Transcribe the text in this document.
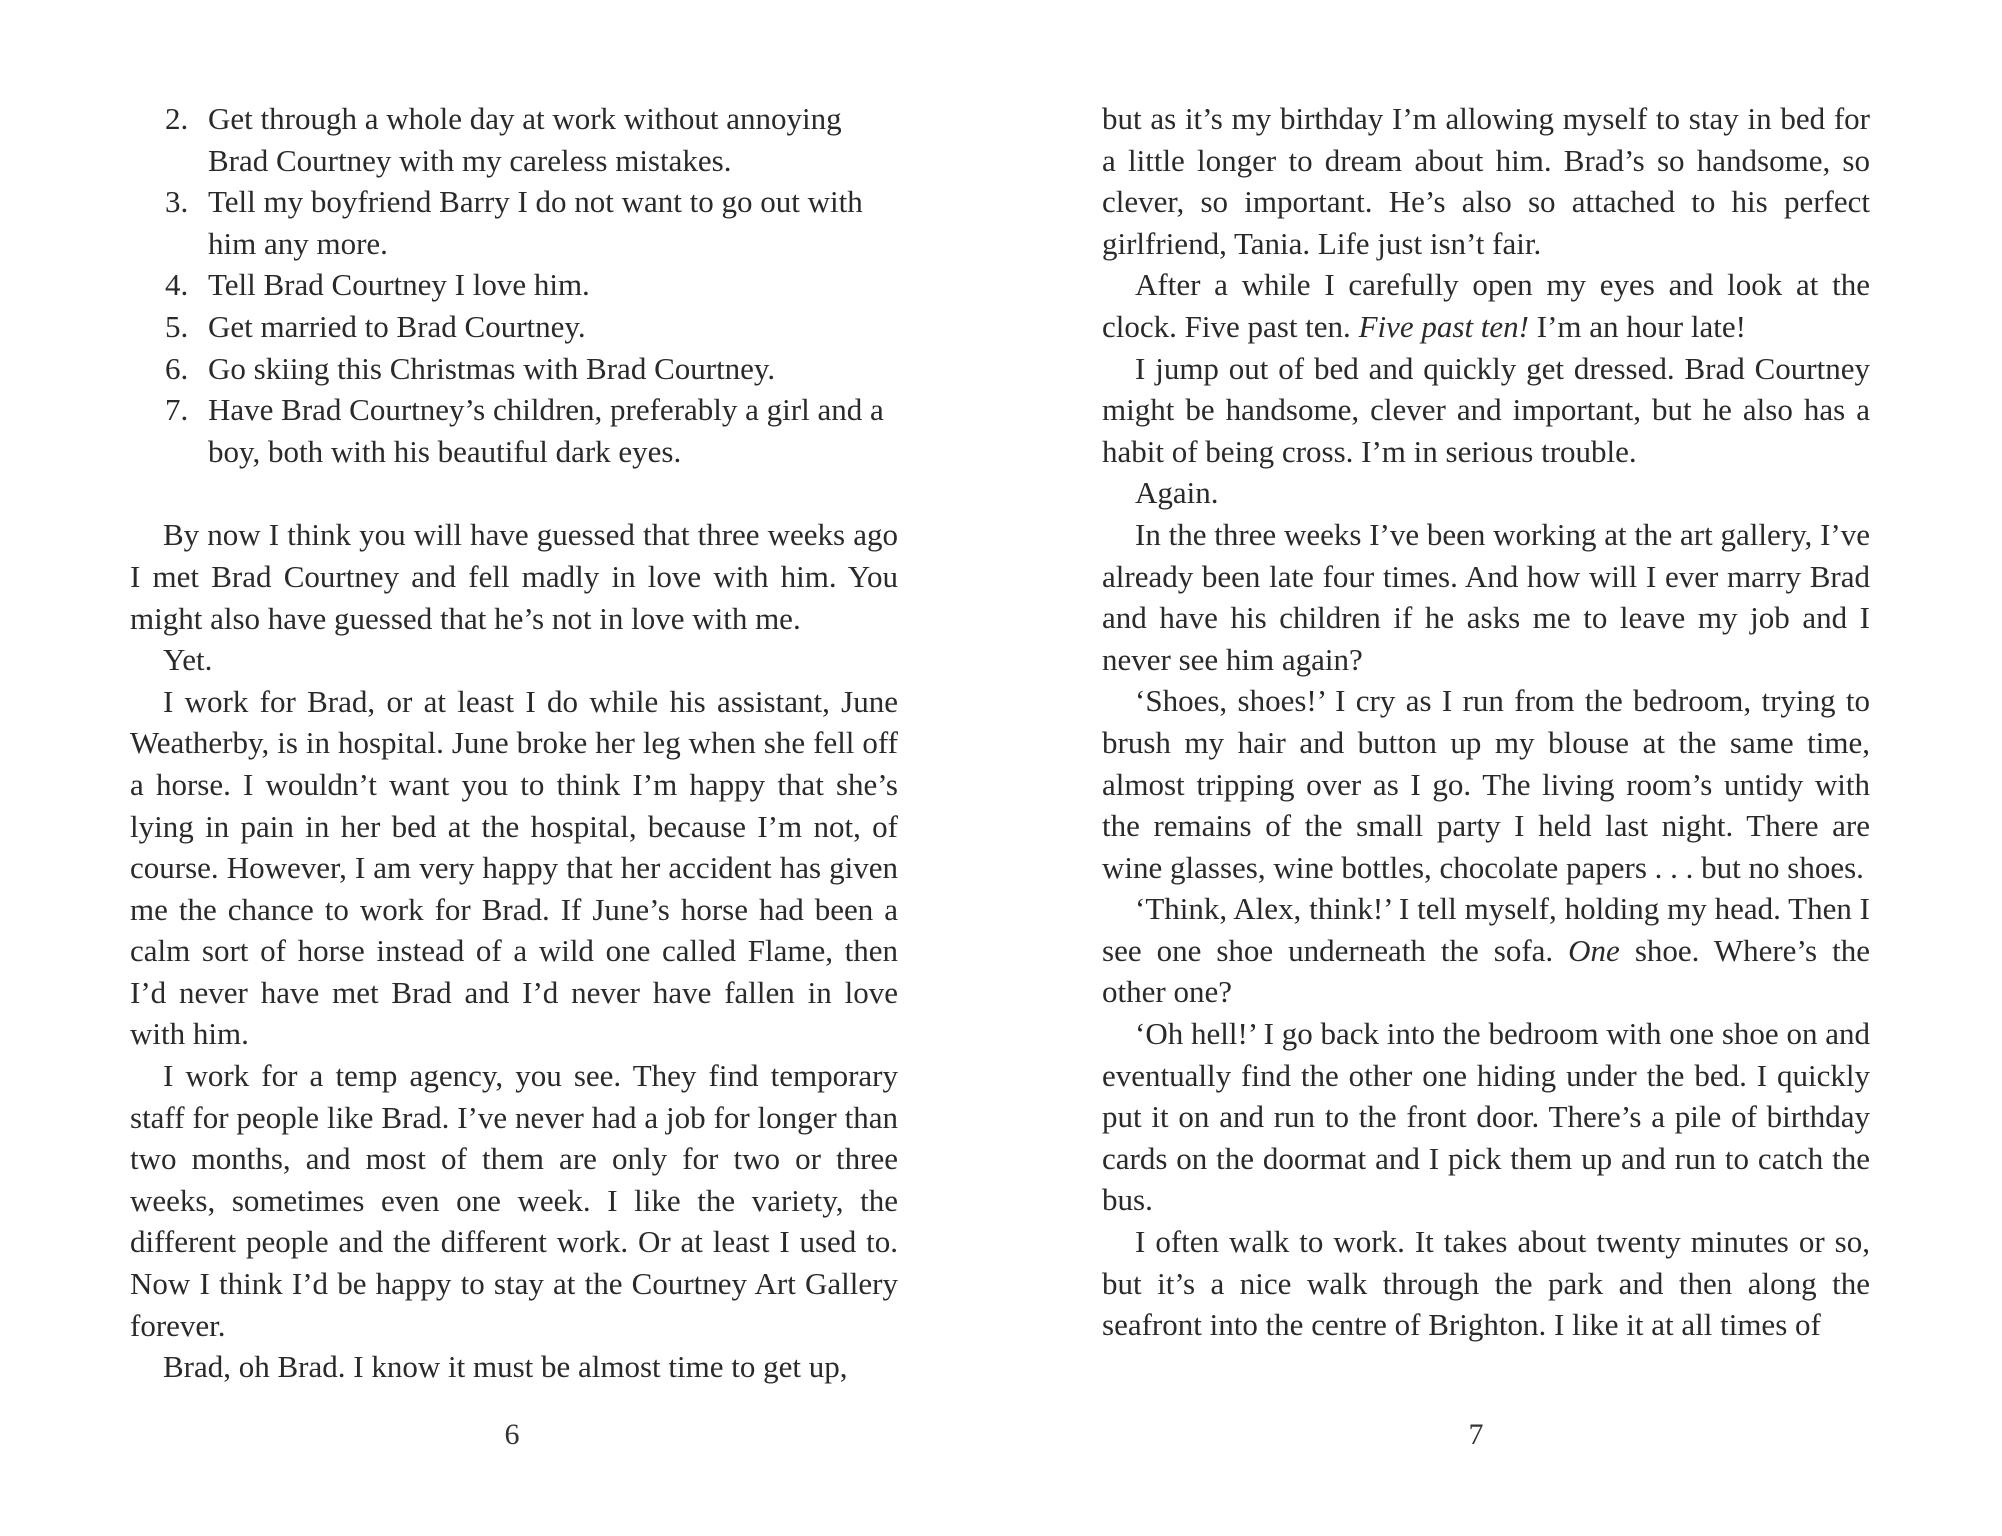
2. Get through a whole day at work without annoying Brad Courtney with my careless mistakes.
3. Tell my boyfriend Barry I do not want to go out with him any more.
4. Tell Brad Courtney I love him.
5. Get married to Brad Courtney.
6. Go skiing this Christmas with Brad Courtney.
7. Have Brad Courtney’s children, preferably a girl and a boy, both with his beautiful dark eyes.

By now I think you will have guessed that three weeks ago I met Brad Courtney and fell madly in love with him. You might also have guessed that he’s not in love with me.

Yet.

I work for Brad, or at least I do while his assistant, June Weatherby, is in hospital. June broke her leg when she fell off a horse. I wouldn’t want you to think I’m happy that she’s lying in pain in her bed at the hospital, because I’m not, of course. However, I am very happy that her accident has given me the chance to work for Brad. If June’s horse had been a calm sort of horse instead of a wild one called Flame, then I’d never have met Brad and I’d never have fallen in love with him.

I work for a temp agency, you see. They find temporary staff for people like Brad. I’ve never had a job for longer than two months, and most of them are only for two or three weeks, sometimes even one week. I like the variety, the different people and the different work. Or at least I used to. Now I think I’d be happy to stay at the Courtney Art Gallery forever.

Brad, oh Brad. I know it must be almost time to get up,

6

but as it’s my birthday I’m allowing myself to stay in bed for a little longer to dream about him. Brad’s so handsome, so clever, so important. He’s also so attached to his perfect girlfriend, Tania. Life just isn’t fair.

After a while I carefully open my eyes and look at the clock. Five past ten. Five past ten! I’m an hour late!

I jump out of bed and quickly get dressed. Brad Courtney might be handsome, clever and important, but he also has a habit of being cross. I’m in serious trouble.

Again.

In the three weeks I’ve been working at the art gallery, I’ve already been late four times. And how will I ever marry Brad and have his children if he asks me to leave my job and I never see him again?

‘Shoes, shoes!’ I cry as I run from the bedroom, trying to brush my hair and button up my blouse at the same time, almost tripping over as I go. The living room’s untidy with the remains of the small party I held last night. There are wine glasses, wine bottles, chocolate papers . . . but no shoes.

‘Think, Alex, think!’ I tell myself, holding my head. Then I see one shoe underneath the sofa. One shoe. Where’s the other one?

‘Oh hell!’ I go back into the bedroom with one shoe on and eventually find the other one hiding under the bed. I quickly put it on and run to the front door. There’s a pile of birthday cards on the doormat and I pick them up and run to catch the bus.

I often walk to work. It takes about twenty minutes or so, but it’s a nice walk through the park and then along the seafront into the centre of Brighton. I like it at all times of

7
